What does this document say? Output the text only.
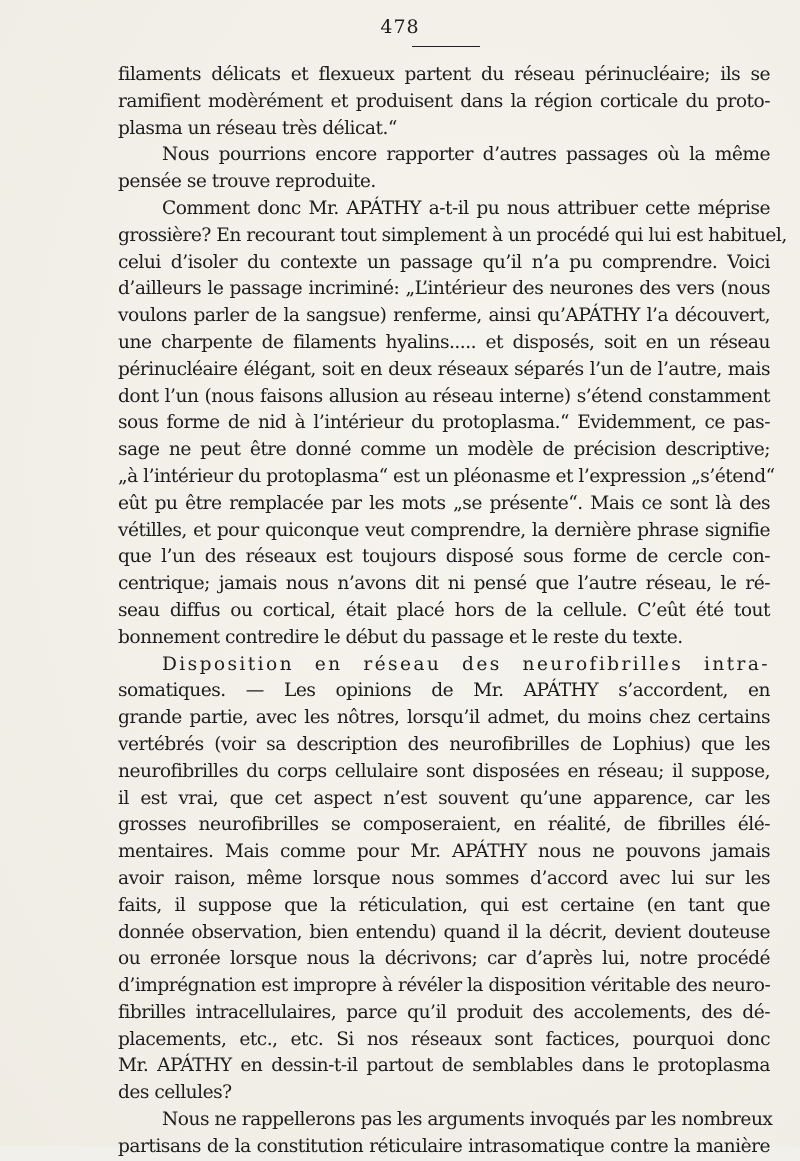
478
filaments délicats et flexueux partent du réseau périnucléaire; ils se
ramifient modèrément et produisent dans la région corticale du proto-
plasma un réseau très délicat.“
Nous pourrions encore rapporter d’autres passages où la même
pensée se trouve reproduite.
Comment donc Mr. APÁTHY a-t-il pu nous attribuer cette méprise
grossière? En recourant tout simplement à un procédé qui lui est habituel,
celui d’isoler du contexte un passage qu’il n’a pu comprendre. Voici
d’ailleurs le passage incriminé: „L’intérieur des neurones des vers (nous
voulons parler de la sangsue) renferme, ainsi qu’APÁTHY l’a découvert,
une charpente de filaments hyalins..... et disposés, soit en un réseau
périnucléaire élégant, soit en deux réseaux séparés l’un de l’autre, mais
dont l’un (nous faisons allusion au réseau interne) s’étend constamment
sous forme de nid à l’intérieur du protoplasma.“ Evidemment, ce pas-
sage ne peut être donné comme un modèle de précision descriptive;
„à l’intérieur du protoplasma“ est un pléonasme et l’expression „s’étend“
eût pu être remplacée par les mots „se présente“. Mais ce sont là des
vétilles, et pour quiconque veut comprendre, la dernière phrase signifie
que l’un des réseaux est toujours disposé sous forme de cercle con-
centrique; jamais nous n’avons dit ni pensé que l’autre réseau, le ré-
seau diffus ou cortical, était placé hors de la cellule. C’eût été tout
bonnement contredire le début du passage et le reste du texte.
Disposition en réseau des neurofibrilles intra-
somatiques. — Les opinions de Mr. APÁTHY s’accordent, en
grande partie, avec les nôtres, lorsqu’il admet, du moins chez certains
vertébrés (voir sa description des neurofibrilles de Lophius) que les
neurofibrilles du corps cellulaire sont disposées en réseau; il suppose,
il est vrai, que cet aspect n’est souvent qu’une apparence, car les
grosses neurofibrilles se composeraient, en réalité, de fibrilles élé-
mentaires. Mais comme pour Mr. APÁTHY nous ne pouvons jamais
avoir raison, même lorsque nous sommes d’accord avec lui sur les
faits, il suppose que la réticulation, qui est certaine (en tant que
donnée observation, bien entendu) quand il la décrit, devient douteuse
ou erronée lorsque nous la décrivons; car d’après lui, notre procédé
d’imprégnation est impropre à révéler la disposition véritable des neuro-
fibrilles intracellulaires, parce qu’il produit des accolements, des dé-
placements, etc., etc. Si nos réseaux sont factices, pourquoi donc
Mr. APÁTHY en dessin-t-il partout de semblables dans le protoplasma
des cellules?
Nous ne rappellerons pas les arguments invoqués par les nombreux
partisans de la constitution réticulaire intrasomatique contre la manière
